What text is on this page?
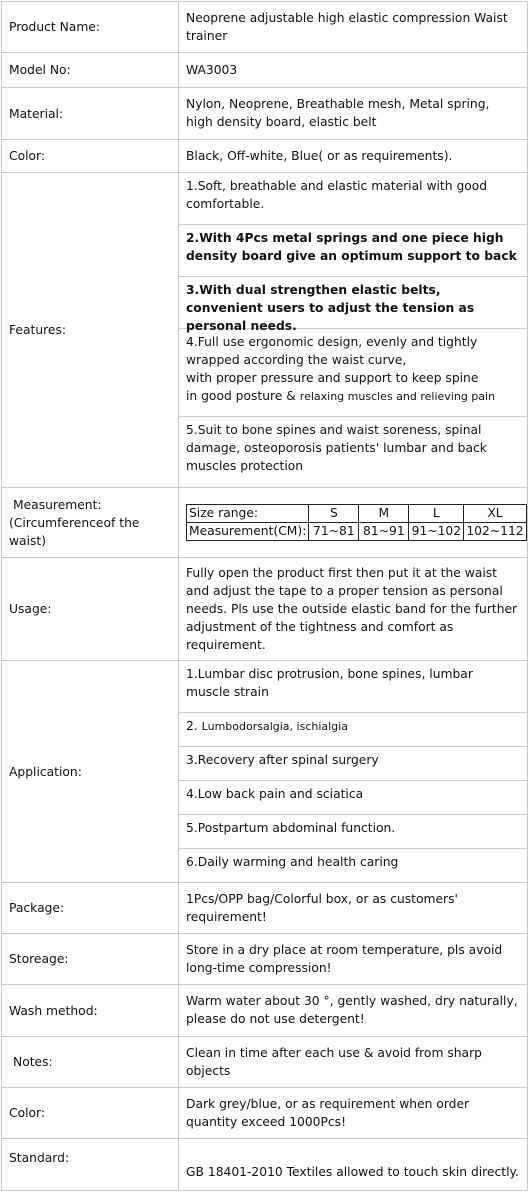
Product Name:	
Neoprene adjustable high elastic compression Waist trainer

Model No:	WA3003

Material:	
Nylon, Neoprene, Breathable mesh, Metal spring, high density board, elastic belt

Color:	Black, Off-white, Blue( or as requirements).

Features:	
1.Soft, breathable and elastic material with good comfortable.
2.With 4Pcs metal springs and one piece high density board give an optimum support to back
3.With dual strengthen elastic belts, convenient users to adjust the tension as personal needs.
4.Full use ergonomic design, evenly and tightly wrapped according the waist curve,
with proper pressure and support to keep spine
in good posture & relaxing muscles and relieving pain
5.Suit to bone spines and waist soreness, spinal damage, osteoporosis patients' lumbar and back muscles protection

Measurement:
(Circumferenceof the waist)

Size range:	S	M	L	XL
Measurement(CM):	71~81	81~91	91~102	102~112

Usage:	
Fully open the product first then put it at the waist and adjust the tape to a proper tension as personal needs. Pls use the outside elastic band for the further adjustment of the tightness and comfort as requirement.

Application:	
1.Lumbar disc protrusion, bone spines, lumbar muscle strain
2. Lumbodorsalgia, ischialgia
3.Recovery after spinal surgery
4.Low back pain and sciatica
5.Postpartum abdominal function.
6.Daily warming and health caring

Package:	
1Pcs/OPP bag/Colorful box, or as customers' requirement!

Storeage:	
Store in a dry place at room temperature, pls avoid long-time compression!

Wash method:	
Warm water about 30 °, gently washed, dry naturally, please do not use detergent!

Notes:	
Clean in time after each use & avoid from sharp objects

Color:	
Dark grey/blue, or as requirement when order quantity exceed 1000Pcs!

Standard:	
GB 18401-2010 Textiles allowed to touch skin directly.
